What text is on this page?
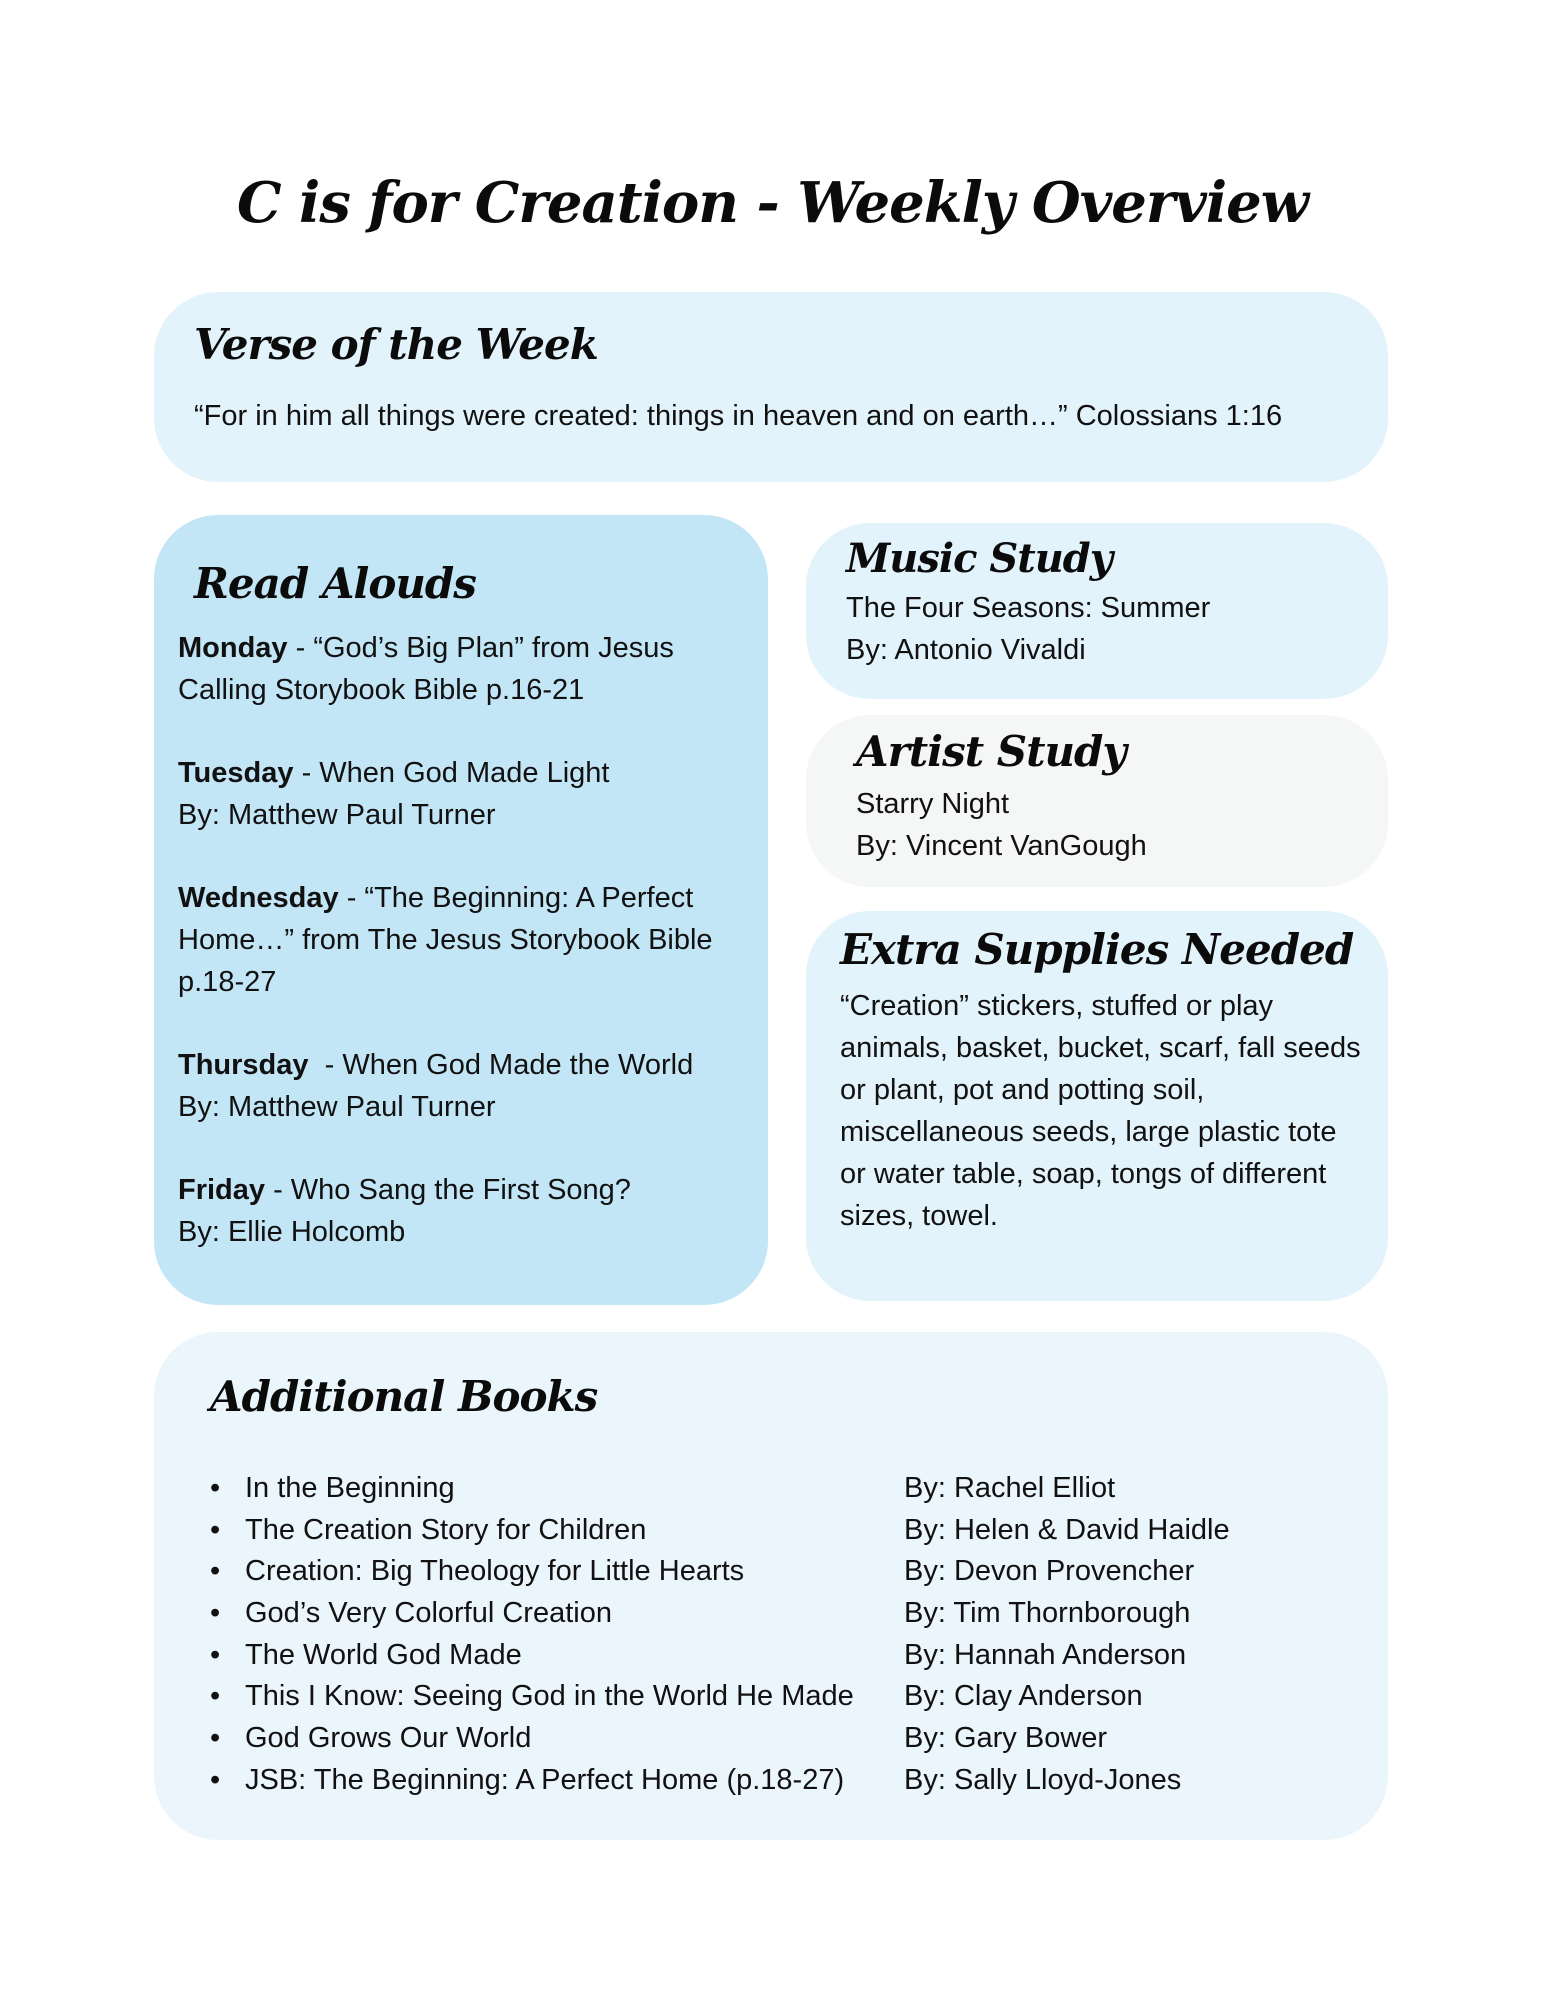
C is for Creation - Weekly Overview
Verse of the Week

“For in him all things were created: things in heaven and on earth…” Colossians 1:16

Read Alouds
Monday - “God’s Big Plan” from Jesus
Calling Storybook Bible p.16-21
Tuesday - When God Made Light
By: Matthew Paul Turner
Wednesday - “The Beginning: A Perfect
Home…” from The Jesus Storybook Bible
p.18-27
Thursday  - When God Made the World
By: Matthew Paul Turner
Friday - Who Sang the First Song?
By: Ellie Holcomb
Music Study
The Four Seasons: Summer
By: Antonio Vivaldi
Artist Study
Starry Night
By: Vincent VanGough
Extra Supplies Needed
“Creation” stickers, stuffed or play
animals, basket, bucket, scarf, fall seeds
or plant, pot and potting soil,
miscellaneous seeds, large plastic tote
or water table, soap, tongs of different
sizes, towel.
Additional Books
• In the Beginning	By: Rachel Elliot
• The Creation Story for Children	By: Helen & David Haidle
• Creation: Big Theology for Little Hearts	By: Devon Provencher
• God’s Very Colorful Creation	By: Tim Thornborough
• The World God Made	By: Hannah Anderson
• This I Know: Seeing God in the World He Made By: Clay Anderson
• God Grows Our World	By: Gary Bower
• JSB: The Beginning: A Perfect Home (p.18-27) By: Sally Lloyd-Jones
